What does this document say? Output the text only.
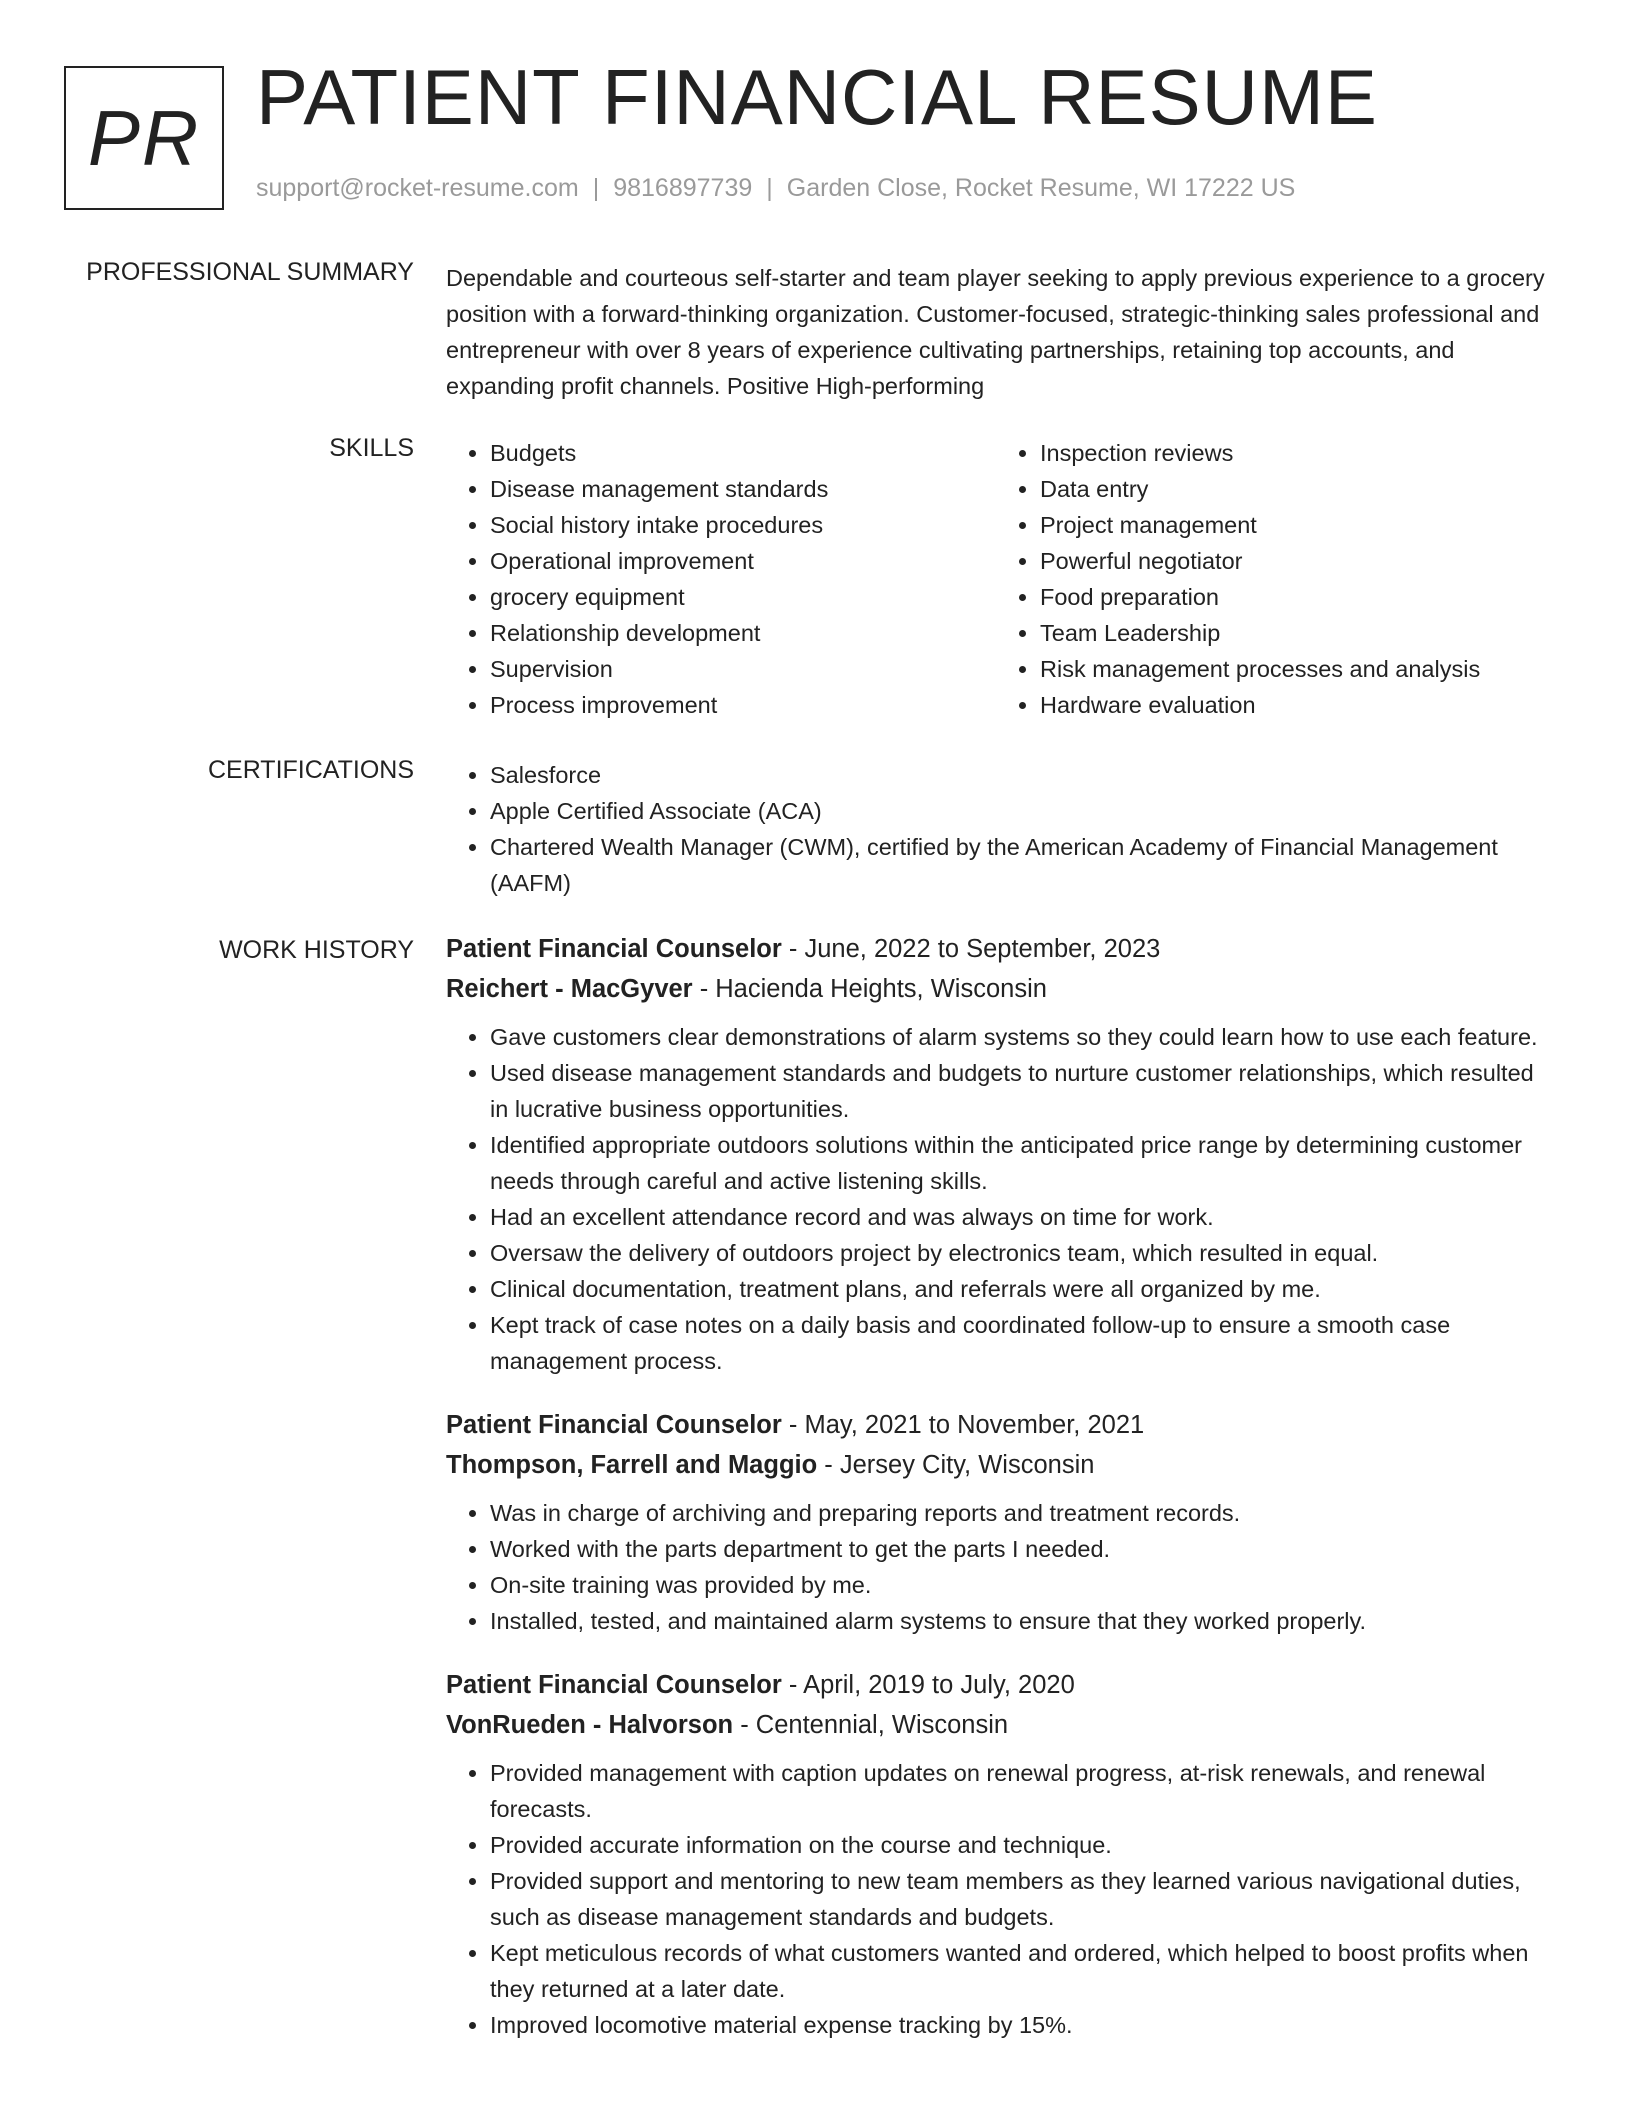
PR PATIENT FINANCIAL RESUME
support@rocket-resume.com | 9816897739 | Garden Close, Rocket Resume, WI 17222 US
PROFESSIONAL SUMMARY Dependable and courteous self-starter and team player seeking to apply previous experience to a grocery position with a forward-thinking organization. Customer-focused, strategic-thinking sales professional and entrepreneur with over 8 years of experience cultivating partnerships, retaining top accounts, and expanding profit channels. Positive High-performing
SKILLS	• Budgets
• Disease management standards
• Social history intake procedures
• Operational improvement
• grocery equipment
• Relationship development
• Supervision
• Process improvement
• Inspection reviews
• Data entry
• Project management
• Powerful negotiator
• Food preparation
• Team Leadership
• Risk management processes and analysis
• Hardware evaluation
CERTIFICATIONS	• Salesforce
• Apple Certified Associate (ACA)
• Chartered Wealth Manager (CWM), certified by the American Academy of Financial Management (AAFM)
WORK HISTORY Patient Financial Counselor - June, 2022 to September, 2023
Reichert - MacGyver - Hacienda Heights, Wisconsin
• Gave customers clear demonstrations of alarm systems so they could learn how to use each feature.
• Used disease management standards and budgets to nurture customer relationships, which resulted in lucrative business opportunities.
• Identified appropriate outdoors solutions within the anticipated price range by determining customer needs through careful and active listening skills.
• Had an excellent attendance record and was always on time for work.
• Oversaw the delivery of outdoors project by electronics team, which resulted in equal.
• Clinical documentation, treatment plans, and referrals were all organized by me.
• Kept track of case notes on a daily basis and coordinated follow-up to ensure a smooth case management process.
Patient Financial Counselor - May, 2021 to November, 2021
Thompson, Farrell and Maggio - Jersey City, Wisconsin
• Was in charge of archiving and preparing reports and treatment records.
• Worked with the parts department to get the parts I needed.
• On-site training was provided by me.
• Installed, tested, and maintained alarm systems to ensure that they worked properly.
Patient Financial Counselor - April, 2019 to July, 2020
VonRueden - Halvorson - Centennial, Wisconsin
• Provided management with caption updates on renewal progress, at-risk renewals, and renewal forecasts.
• Provided accurate information on the course and technique.
• Provided support and mentoring to new team members as they learned various navigational duties, such as disease management standards and budgets.
• Kept meticulous records of what customers wanted and ordered, which helped to boost profits when they returned at a later date.
• Improved locomotive material expense tracking by 15%.
